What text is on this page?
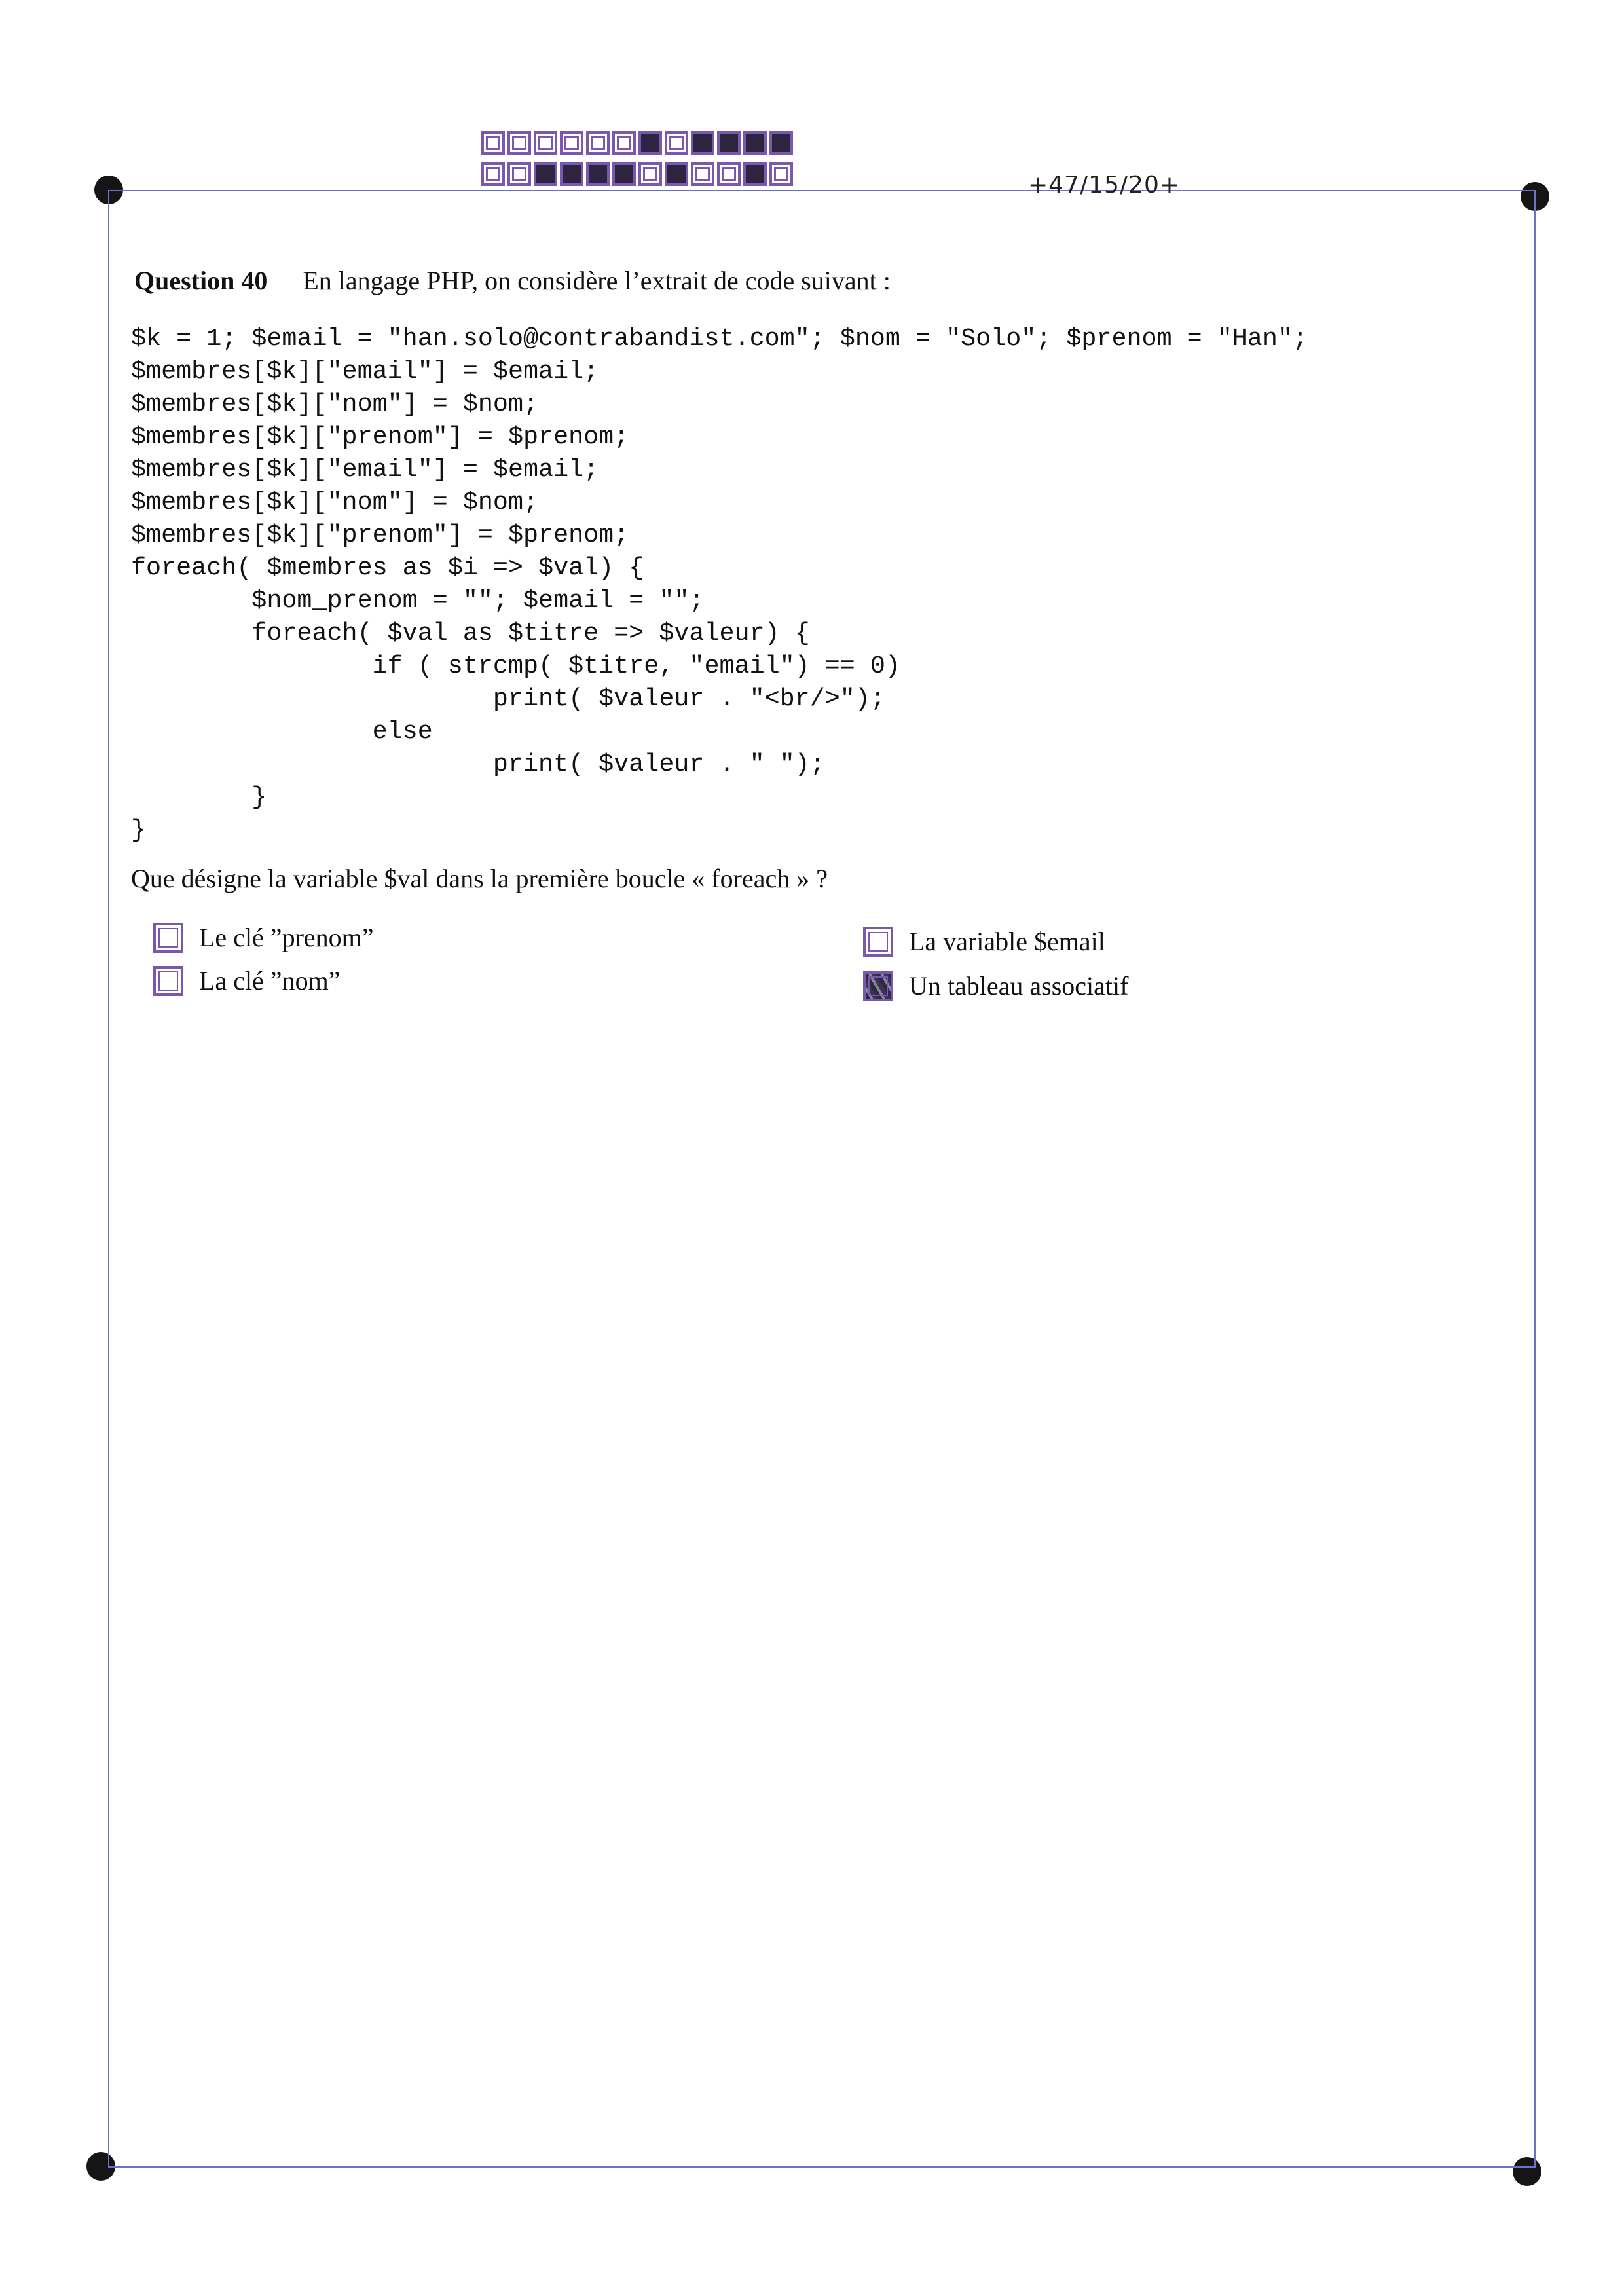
+47/15/20+
Question 40 En langage PHP, on considère l’extrait de code suivant :
$k = 1; $email = "han.solo@contrabandist.com"; $nom = "Solo"; $prenom = "Han";
$membres[$k]["email"] = $email;
$membres[$k]["nom"] = $nom;
$membres[$k]["prenom"] = $prenom;
$membres[$k]["email"] = $email;
$membres[$k]["nom"] = $nom;
$membres[$k]["prenom"] = $prenom;
foreach( $membres as $i => $val) {
$nom_prenom = ""; $email = "";
foreach( $val as $titre => $valeur) {
if ( strcmp( $titre, "email") == 0)
print( $valeur . "<br/>");
else
print( $valeur . " ");
}
}
Que désigne la variable $val dans la première boucle « foreach » ?
Le clé ”prenom”
La clé ”nom”
La variable $email
Un tableau associatif
